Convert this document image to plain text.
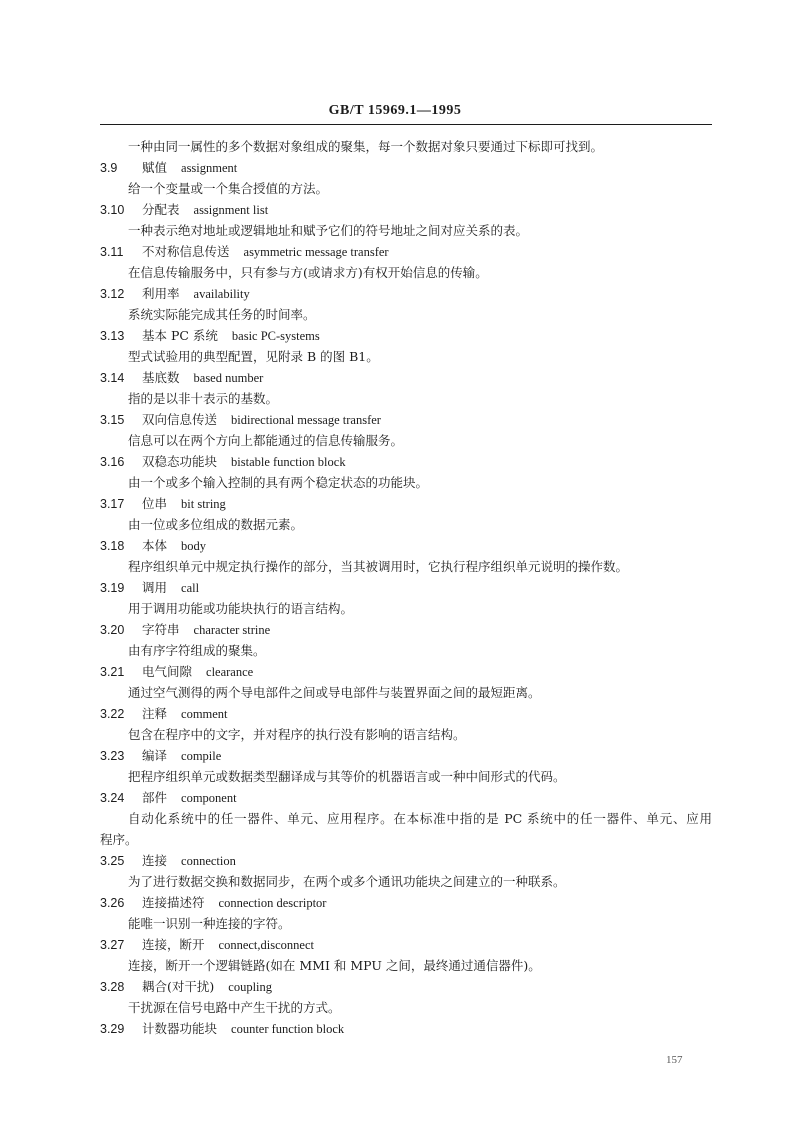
GB/T 15969.1—1995
一种由同一属性的多个数据对象组成的聚集，每一个数据对象只要通过下标即可找到。
3.9 赋值 assignment
给一个变量或一个集合授值的方法。
3.10 分配表 assignment list
一种表示绝对地址或逻辑地址和赋予它们的符号地址之间对应关系的表。
3.11 不对称信息传送 asymmetric message transfer
在信息传输服务中，只有参与方(或请求方)有权开始信息的传输。
3.12 利用率 availability
系统实际能完成其任务的时间率。
3.13 基本 PC 系统 basic PC-systems
型式试验用的典型配置，见附录 B 的图 B1。
3.14 基底数 based number
指的是以非十表示的基数。
3.15 双向信息传送 bidirectional message transfer
信息可以在两个方向上都能通过的信息传输服务。
3.16 双稳态功能块 bistable function block
由一个或多个输入控制的具有两个稳定状态的功能块。
3.17 位串 bit string
由一位或多位组成的数据元素。
3.18 本体 body
程序组织单元中规定执行操作的部分，当其被调用时，它执行程序组织单元说明的操作数。
3.19 调用 call
用于调用功能或功能块执行的语言结构。
3.20 字符串 character strine
由有序字符组成的聚集。
3.21 电气间隙 clearance
通过空气测得的两个导电部件之间或导电部件与装置界面之间的最短距离。
3.22 注释 comment
包含在程序中的文字，并对程序的执行没有影响的语言结构。
3.23 编译 compile
把程序组织单元或数据类型翻译成与其等价的机器语言或一种中间形式的代码。
3.24 部件 component
自动化系统中的任一器件、单元、应用程序。在本标准中指的是 PC 系统中的任一器件、单元、应用
程序。
3.25 连接 connection
为了进行数据交换和数据同步，在两个或多个通讯功能块之间建立的一种联系。
3.26 连接描述符 connection descriptor
能唯一识别一种连接的字符。
3.27 连接，断开 connect,disconnect
连接，断开一个逻辑链路(如在 MMI 和 MPU 之间，最终通过通信器件)。
3.28 耦合(对干扰) coupling
干扰源在信号电路中产生干扰的方式。
3.29 计数器功能块 counter function block
157
